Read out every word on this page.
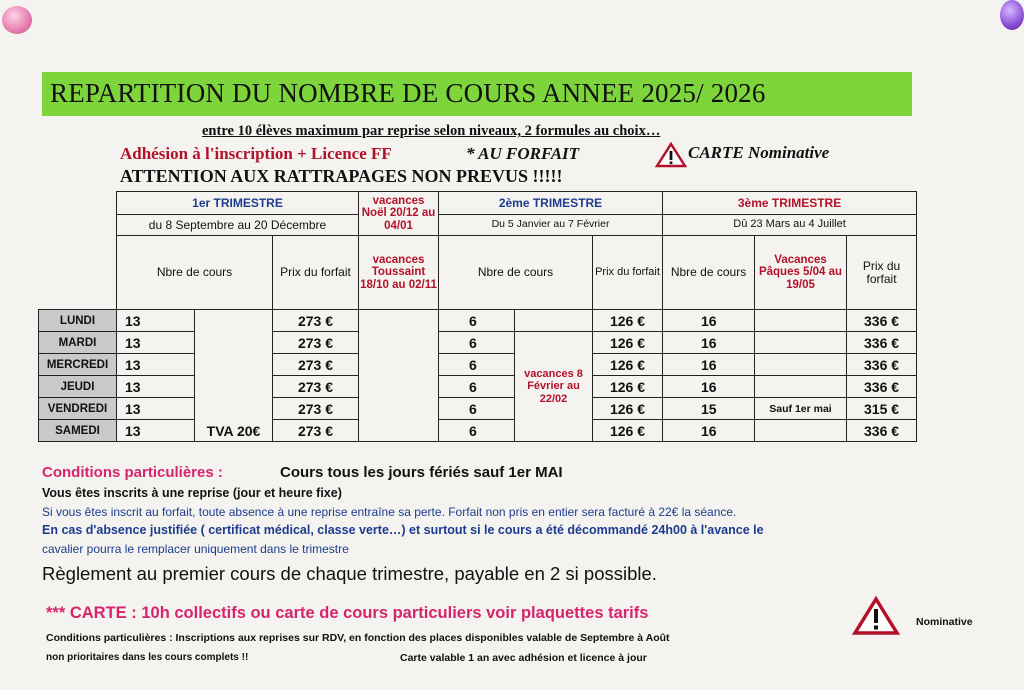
REPARTITION DU NOMBRE DE COURS ANNEE 2025/ 2026
entre 10 élèves maximum par reprise selon niveaux, 2 formules au choix…
Adhésion à l'inscription + Licence FF	* AU FORFAIT	CARTE Nominative
ATTENTION AUX RATTRAPAGES NON PREVUS !!!!!
	1er TRIMESTRE			vacances Noël 20/12 au 04/01	2ème TRIMESTRE			3ème TRIMESTRE		
	du 8 Septembre au 20 Décembre				Du 5 Janvier au 7 Février			Dû 23 Mars au 4 Juillet		
	Nbre de cours		Prix du forfait	vacances Toussaint 18/10 au 02/11	Nbre de cours		Prix du forfait	Nbre de cours	Vacances Pâques 5/04 au 19/05	Prix du forfait
LUNDI	13	TVA 20€	273 €		6		126 €	16		336 €
MARDI	13		273 €		6	vacances 8 Février au 22/02	126 €	16		336 €
MERCREDI	13		273 €		6		126 €	16		336 €
JEUDI	13		273 €		6		126 €	16		336 €
VENDREDI	13		273 €		6		126 €	15	Sauf 1er mai	315 €
SAMEDI	13		273 €		6		126 €	16		336 €
Conditions particulières :	Cours tous les jours fériés sauf 1er MAI
Vous êtes inscrits à une reprise (jour et heure fixe)
Si vous êtes inscrit au forfait, toute absence à une reprise entraîne sa perte. Forfait non pris en entier sera facturé à 22€ la séance.
En cas d'absence justifiée ( certificat médical, classe verte…) et surtout si le cours a été décommandé 24h00 à l'avance le
cavalier pourra le remplacer uniquement dans le trimestre
Règlement au premier cours de chaque trimestre, payable en 2 si possible.
*** CARTE : 10h collectifs ou carte de cours particuliers voir plaquettes tarifs	Nominative
Conditions particulières : Inscriptions aux reprises sur RDV, en fonction des places disponibles valable de Septembre à Août
non prioritaires dans les cours complets !!	Carte valable 1 an avec adhésion et licence à jour
